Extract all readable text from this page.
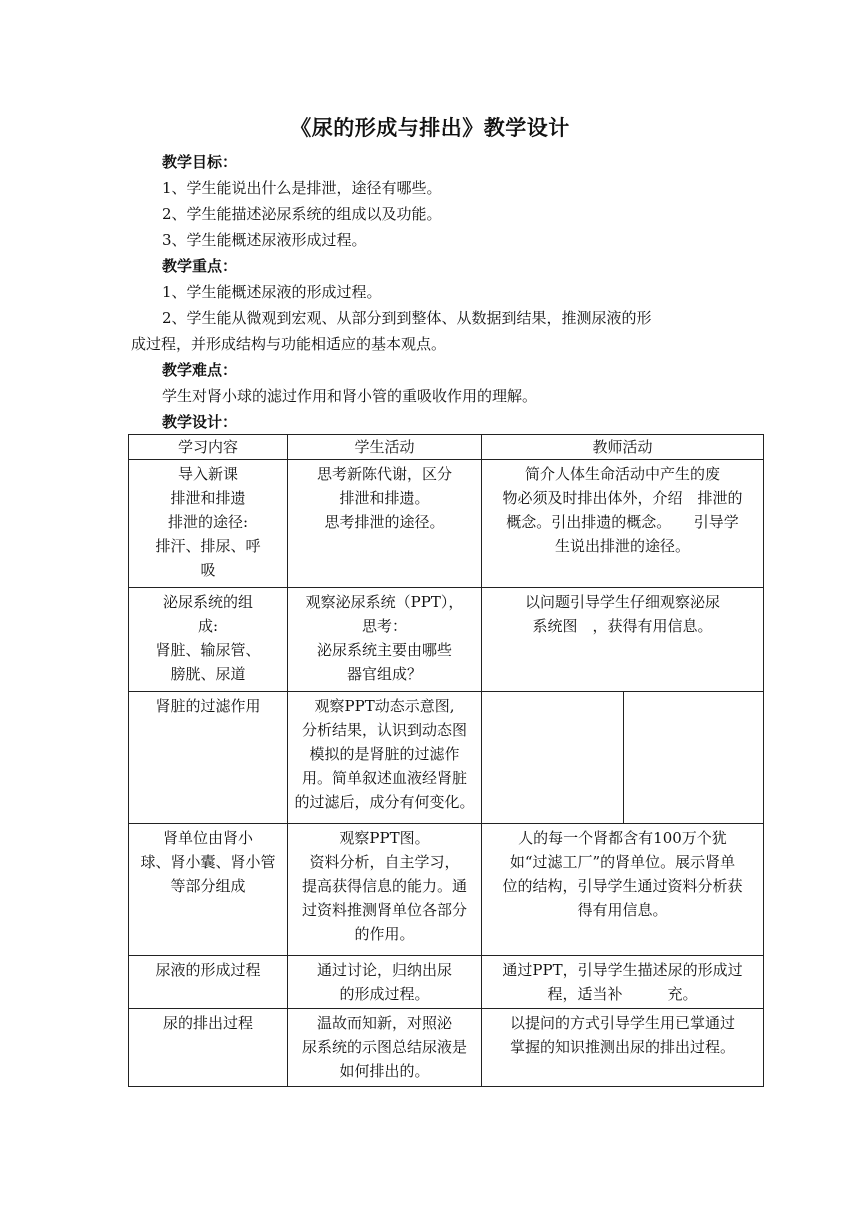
《尿的形成与排出》教学设计
教学目标：
1、学生能说出什么是排泄，途径有哪些。
2、学生能描述泌尿系统的组成以及功能。
3、学生能概述尿液形成过程。
教学重点：
1、学生能概述尿液的形成过程。
2、学生能从微观到宏观、从部分到到整体、从数据到结果，推测尿液的形
成过程，并形成结构与功能相适应的基本观点。
教学难点：
学生对肾小球的滤过作用和肾小管的重吸收作用的理解。
教学设计：
学习内容	学生活动	教师活动

导入新课
排泄和排遗
排泄的途径:
排汗、排尿、呼
吸	思考新陈代谢，区分
排泄和排遗。
思考排泄的途径。	简介人体生命活动中产生的废
物必须及时排出体外，介绍　排泄的
概念。引出排遗的概念。　　引导学
生说出排泄的途径。

泌尿系统的组
成:
肾脏、输尿管、
膀胱、尿道	观察泌尿系统（PPT），
思考：
泌尿系统主要由哪些
器官组成？	以问题引导学生仔细观察泌尿
系统图　，获得有用信息。

肾脏的过滤作用	观察PPT动态示意图,
分析结果，认识到动态图
模拟的是肾脏的过滤作
用。简单叙述血液经肾脏
的过滤后，成分有何变化。	

肾单位由肾小
球、肾小囊、肾小管
等部分组成	观察PPT图。
资料分析，自主学习，
提高获得信息的能力。通
过资料推测肾单位各部分
的作用。	人的每一个肾都含有100万个犹
如“过滤工厂”的肾单位。展示肾单
位的结构，引导学生通过资料分析获
得有用信息。

尿液的形成过程	通过讨论，归纳出尿
的形成过程。	通过PPT，引导学生描述尿的形成过
程，适当补　　　充。

尿的排出过程	温故而知新，对照泌
尿系统的示图总结尿液是
如何排出的。	以提问的方式引导学生用已掌通过
掌握的知识推测出尿的排出过程。
